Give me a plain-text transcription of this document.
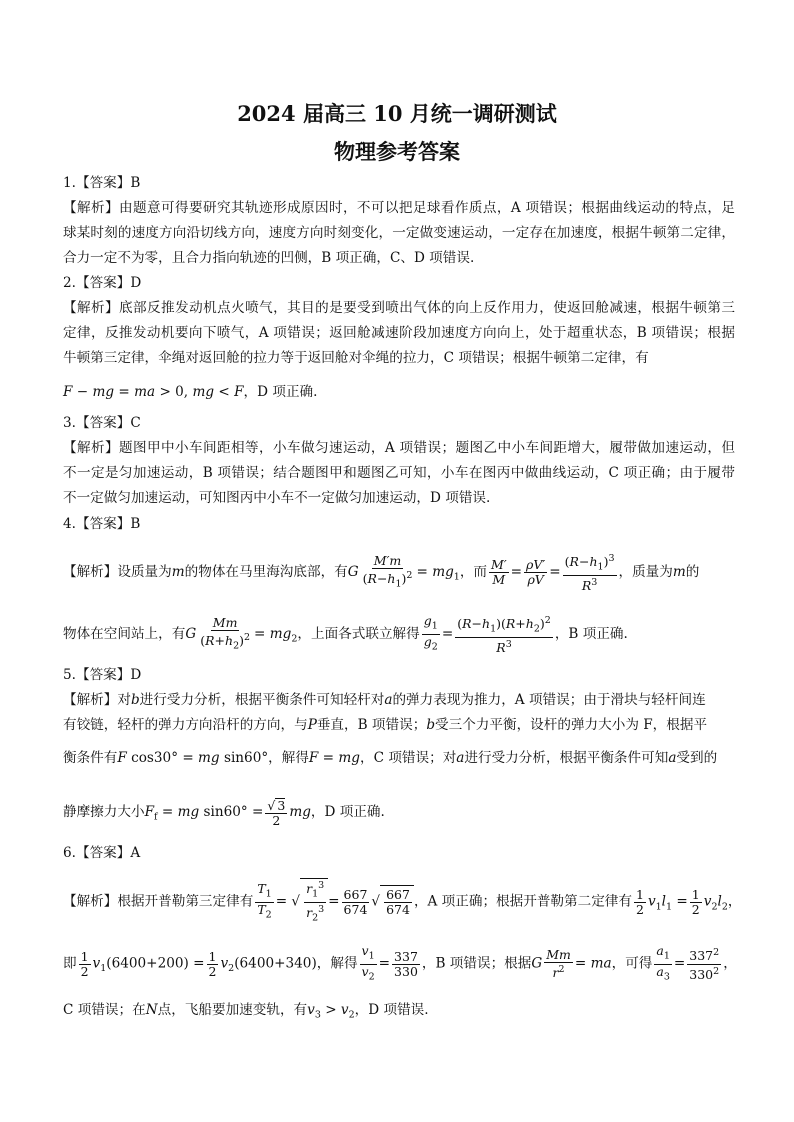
2024 届高三 10 月统一调研测试
物理参考答案
1.【答案】B
【解析】由题意可得要研究其轨迹形成原因时，不可以把足球看作质点，A 项错误；根据曲线运动的特点，足
球某时刻的速度方向沿切线方向，速度方向时刻变化，一定做变速运动，一定存在加速度，根据牛顿第二定律，
合力一定不为零，且合力指向轨迹的凹侧，B 项正确，C、D 项错误.
2.【答案】D
【解析】底部反推发动机点火喷气，其目的是要受到喷出气体的向上反作用力，使返回舱减速，根据牛顿第三
定律，反推发动机要向下喷气，A 项错误；返回舱减速阶段加速度方向向上，处于超重状态，B 项错误；根据
牛顿第三定律，伞绳对返回舱的拉力等于返回舱对伞绳的拉力，C 项错误；根据牛顿第二定律，有
F − mg = ma > 0, mg < F，D 项正确.
3.【答案】C
【解析】题图甲中小车间距相等，小车做匀速运动，A 项错误；题图乙中小车间距增大，履带做加速运动，但
不一定是匀加速运动，B 项错误；结合题图甲和题图乙可知，小车在图丙中做曲线运动，C 项正确；由于履带
不一定做匀加速运动，可知图丙中小车不一定做匀加速运动，D 项错误.
4.【答案】B
【解析】设质量为m的物体在马里海沟底部，有G $\frac{M'm}{(R-h_1)^2} = mg_1$，而 $\frac{M'}{M} = \frac{\rho V'}{\rho V} = \frac{(R-h_1)^3}{R^3}$ ，质量为m的
物体在空间站上，有G $\frac{Mm}{(R+h_2)^2} = mg_2$，上面各式联立解得 $\frac{g_1}{g_2} = \frac{(R-h_1)(R+h_2)^2}{R^3}$ ，B 项正确.
5.【答案】D
【解析】对b进行受力分析，根据平衡条件可知轻杆对a的弹力表现为推力，A 项错误；由于滑块与轻杆间连
有铰链，轻杆的弹力方向沿杆的方向，与P垂直，B 项错误；b受三个力平衡，设杆的弹力大小为 F，根据平
衡条件有F cos30° = mg sin60°，解得F = mg，C 项错误；对a进行受力分析，根据平衡条件可知a受到的
静摩擦力大小$F_f$ = mg $\sin 60^\circ = \frac{√ 3}{2}$ mg，D 项正确.
6.【答案】A
【解析】根据开普勒第三定律有 $\frac{T_1}{T_2}$ = √ $\frac{r_1^3}{r_2^3} = \frac{667}{674}$ √ $\frac{667}{674}$ ，A 项正确；根据开普勒第二定律有 $\frac{1}{2} v_1l_1 = \frac{1}{2} v_2l_2$，
即 $\frac{1}{2} v_1(6400+200) = \frac{1}{2} v_2(6400+340)$，解得 $\frac{v_1}{v_2} = \frac{337}{330}$ ，B 项错误；根据G $\frac{Mm}{r^2}$ = ma，可得 $\frac{a_1}{a_3} = \frac{337^2}{330^2}$ ，
C 项错误；在N点，飞船要加速变轨，有$v_3 > v_2$，D 项错误.
